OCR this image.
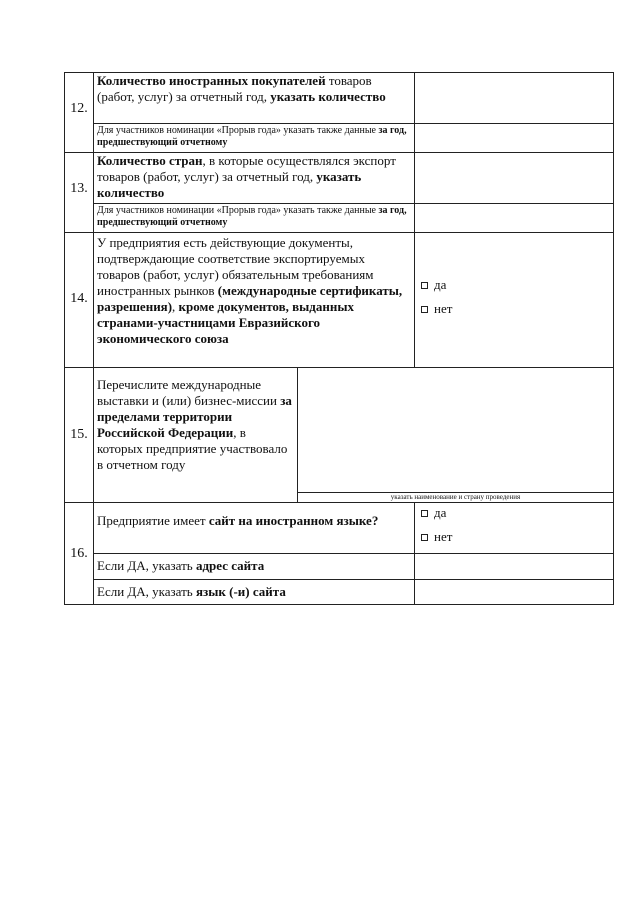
12.
Количество иностранных покупателей товаров (работ, услуг) за отчетный год, указать количество
Для участников номинации «Прорыв года» указать также данные за год, предшествующий отчетному
13.
Количество стран, в которые осуществлялся экспорт товаров (работ, услуг) за отчетный год, указать количество
Для участников номинации «Прорыв года» указать также данные за год, предшествующий отчетному
14.
У предприятия есть действующие документы, подтверждающие соответствие экспортируемых товаров (работ, услуг) обязательным требованиям иностранных рынков (международные сертификаты, разрешения), кроме документов, выданных странами-участницами Евразийского экономического союза
да
нет
15.
Перечислите международные выставки и (или) бизнес-миссии за пределами территории Российской Федерации, в которых предприятие участвовало в отчетном году
указать наименование и страну проведения
16.
Предприятие имеет сайт на иностранном языке?
да
нет
Если ДА, указать адрес сайта
Если ДА, указать язык (-и) сайта
